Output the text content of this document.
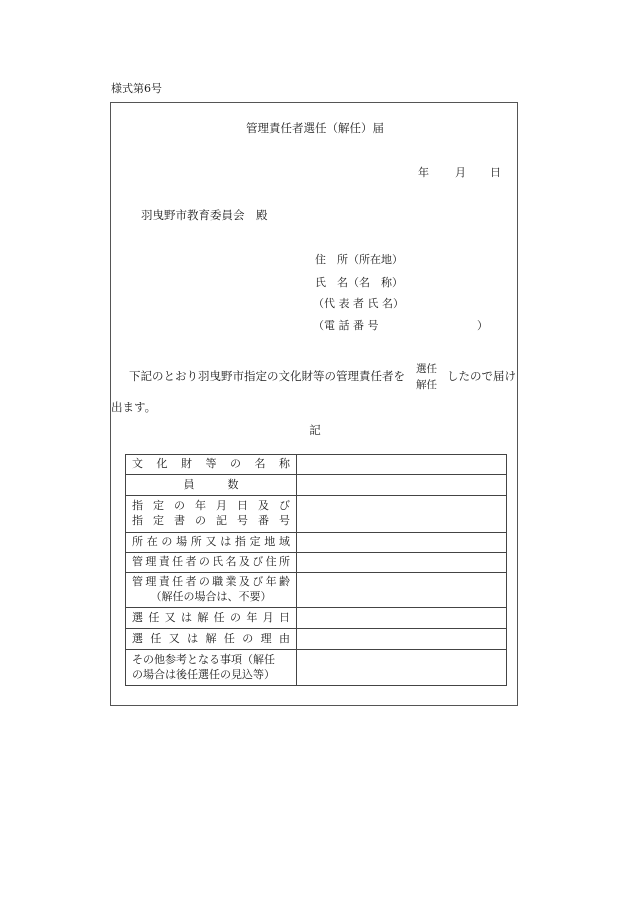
様式第6号
管理責任者選任（解任）届
年 月 日
羽曳野市教育委員会　殿
住　所（所在地）
氏　名（名　称）
（代 表 者 氏 名）
（電 話 番 号	）
下記のとおり羽曳野市指定の文化財等の管理責任者を 選任
解任
したので届け
出ます。
記
文 化 財 等 の 名 称	

員　　　数	

指 定 の 年 月 日 及 び
指 定 書 の 記 号 番 号	

所在の場所又は指定地域	

管理責任者の氏名及び住所	

管理責任者の職業及び年齢
（解任の場合は、不要）	

選 任 又 は 解 任 の 年 月 日	

選 任 又 は 解 任 の 理 由	

その他参考となる事項（解任
の場合は後任選任の見込等）	
